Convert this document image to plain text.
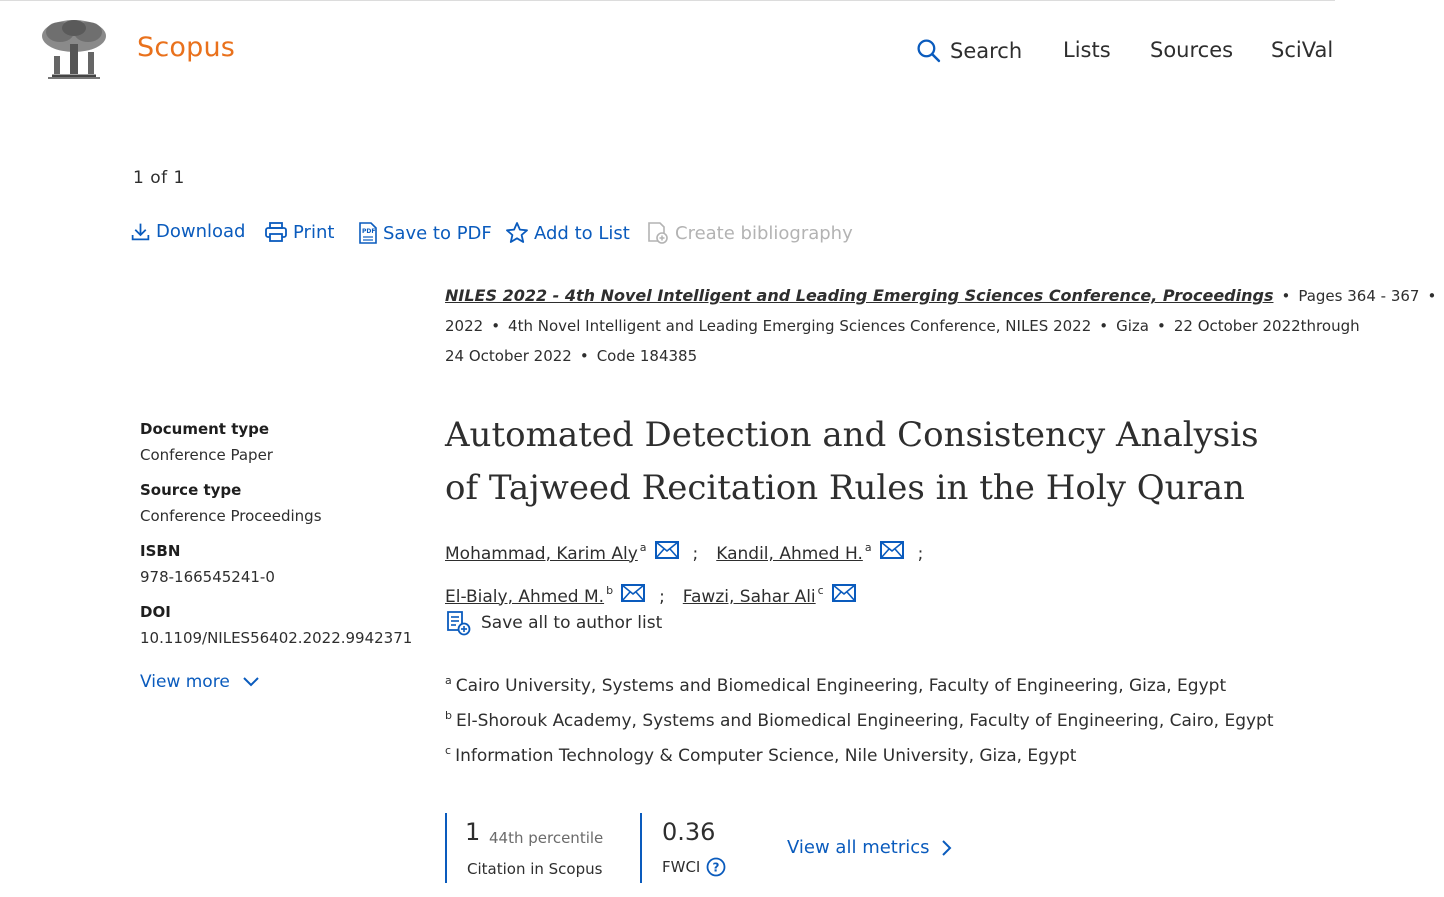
Scopus	Search Lists Sources SciVal
1 of 1
Download	Print	PDF Save to PDF Add to List	Create bibliography
NILES 2022 - 4th Novel Intelligent and Leading Emerging Sciences Conference, Proceedings • Pages 364 - 367 •
2022 • 4th Novel Intelligent and Leading Emerging Sciences Conference, NILES 2022 • Giza • 22 October 2022through
24 October 2022 • Code 184385
Document type
Conference Paper
Source type
Conference Proceedings
ISBN
978-166545241-0
DOI
10.1109/NILES56402.2022.9942371
View more
Automated Detection and Consistency Analysis of Tajweed Recitation Rules in the Holy Quran
Mohammad, Karim Aly a	; Kandil, Ahmed H. a	;
El-Bialy, Ahmed M. b	; Fawzi, Sahar Ali c
Save all to author list
$^a$ Cairo University, Systems and Biomedical Engineering, Faculty of Engineering, Giza, Egypt
$^b$ El-Shorouk Academy, Systems and Biomedical Engineering, Faculty of Engineering, Cairo, Egypt
$^c$ Information Technology & Computer Science, Nile University, Giza, Egypt
1 44th percentile
Citation in Scopus
0.36
FWCI ?
View all metrics
